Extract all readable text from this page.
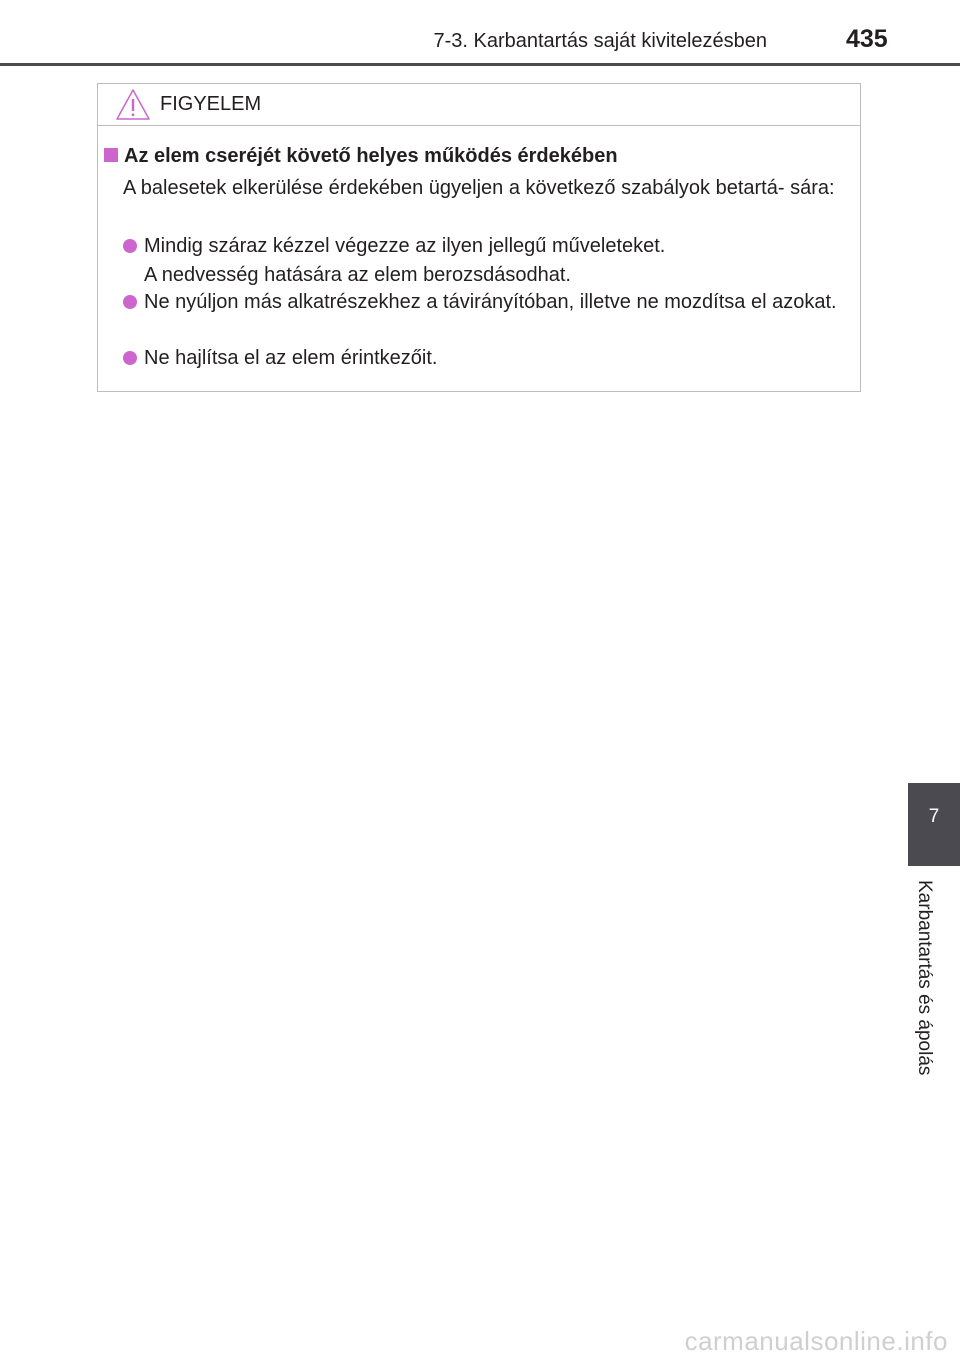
7-3. Karbantartás saját kivitelezésben	435
FIGYELEM
Az elem cseréjét követő helyes működés érdekében
A balesetek elkerülése érdekében ügyeljen a következő szabályok betartá- sára:
Mindig száraz kézzel végezze az ilyen jellegű műveleteket.
A nedvesség hatására az elem berozsdásodhat.
Ne nyúljon más alkatrészekhez a távirányítóban, illetve ne mozdítsa el azokat.
Ne hajlítsa el az elem érintkezőit.
7
Karbantartás és ápolás
carmanualsonline.info
